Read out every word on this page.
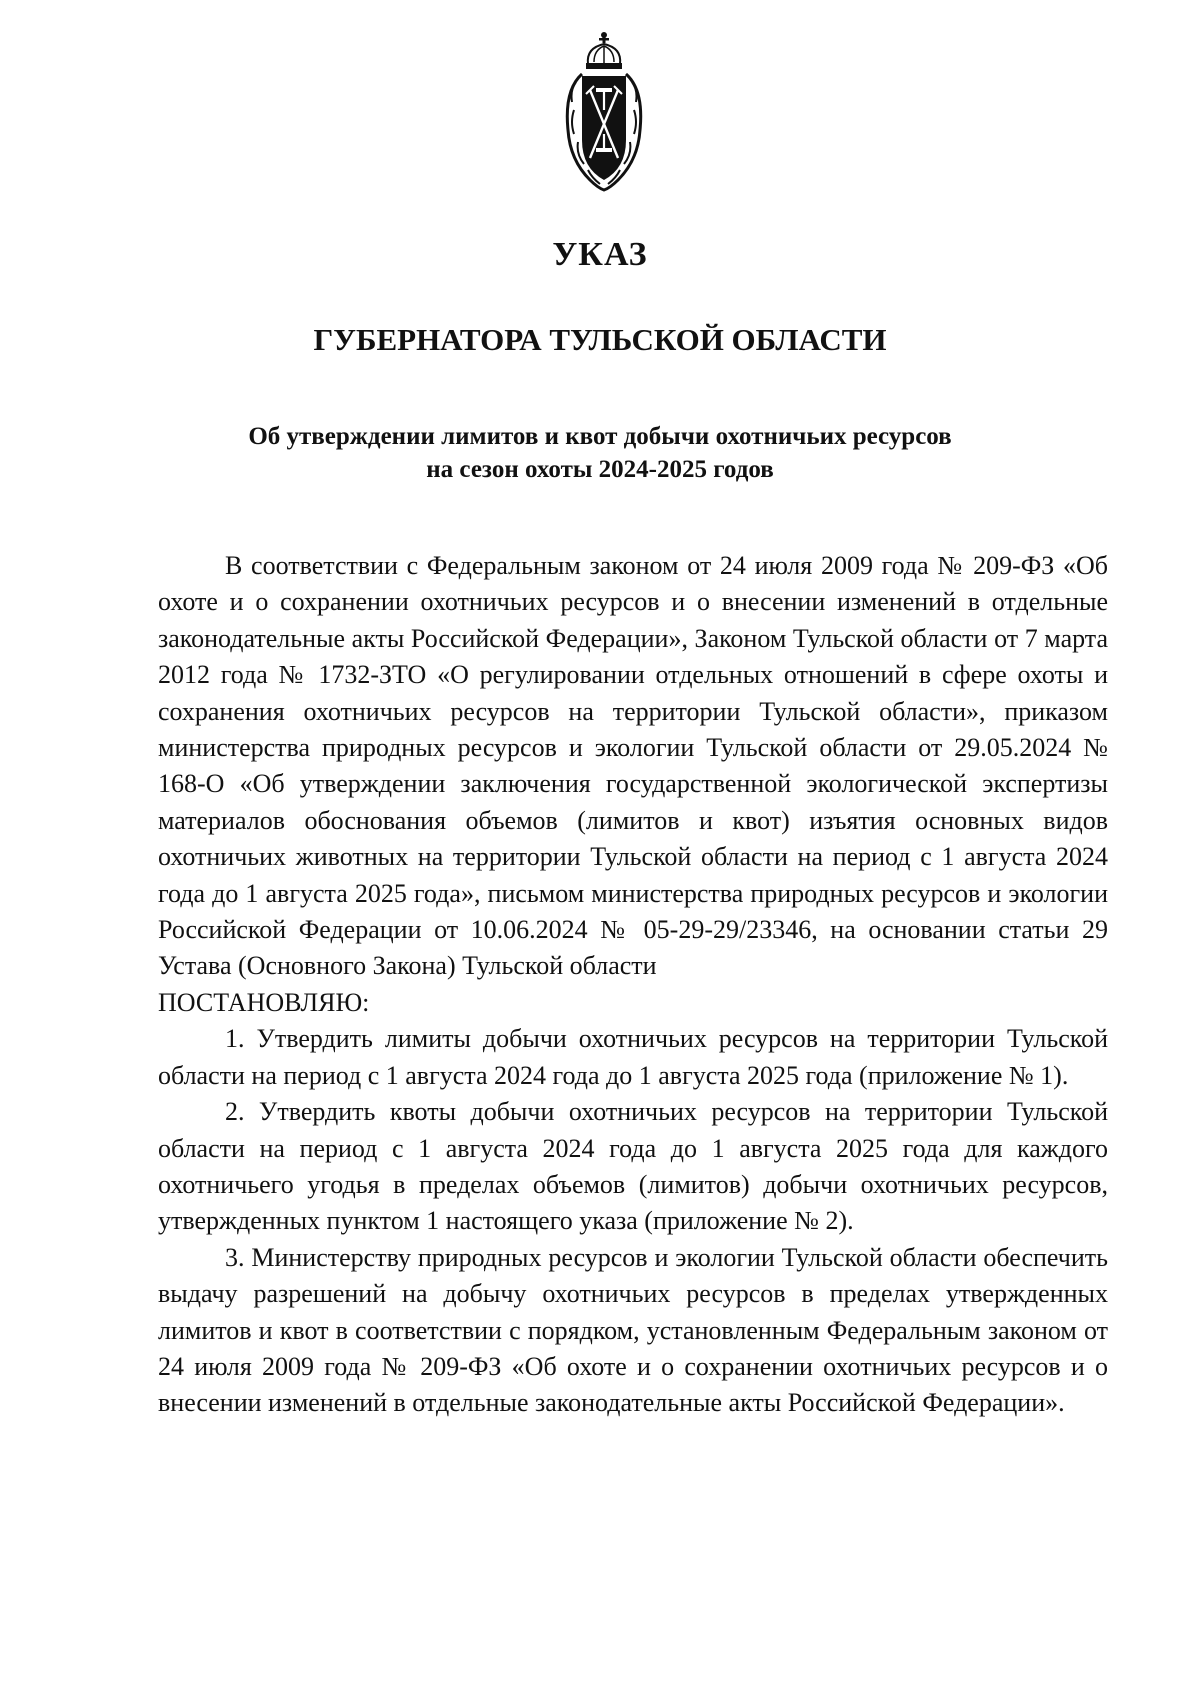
УКАЗ
ГУБЕРНАТОРА ТУЛЬСКОЙ ОБЛАСТИ
Об утверждении лимитов и квот добычи охотничьих ресурсов
на сезон охоты 2024-2025 годов

В соответствии с Федеральным законом от 24 июля 2009 года № 209-ФЗ «Об охоте и о сохранении охотничьих ресурсов и о внесении изменений в отдельные законодательные акты Российской Федерации», Законом Тульской области от 7 марта 2012 года № 1732-ЗТО «О регулировании отдельных отношений в сфере охоты и сохранения охотничьих ресурсов на территории Тульской области», приказом министерства природных ресурсов и экологии Тульской области от 29.05.2024 № 168-О «Об утверждении заключения государственной экологической экспертизы материалов обоснования объемов (лимитов и квот) изъятия основных видов охотничьих животных на территории Тульской области на период с 1 августа 2024 года до 1 августа 2025 года», письмом министерства природных ресурсов и экологии Российской Федерации от 10.06.2024 № 05-29-29/23346, на основании статьи 29 Устава (Основного Закона) Тульской области
ПОСТАНОВЛЯЮ:

1. Утвердить лимиты добычи охотничьих ресурсов на территории Тульской области на период с 1 августа 2024 года до 1 августа 2025 года (приложение № 1).

2. Утвердить квоты добычи охотничьих ресурсов на территории Тульской области на период с 1 августа 2024 года до 1 августа 2025 года для каждого охотничьего угодья в пределах объемов (лимитов) добычи охотничьих ресурсов, утвержденных пунктом 1 настоящего указа (приложение № 2).

3. Министерству природных ресурсов и экологии Тульской области обеспечить выдачу разрешений на добычу охотничьих ресурсов в пределах утвержденных лимитов и квот в соответствии с порядком, установленным Федеральным законом от 24 июля 2009 года № 209-ФЗ «Об охоте и о сохранении охотничьих ресурсов и о внесении изменений в отдельные законодательные акты Российской Федерации».
